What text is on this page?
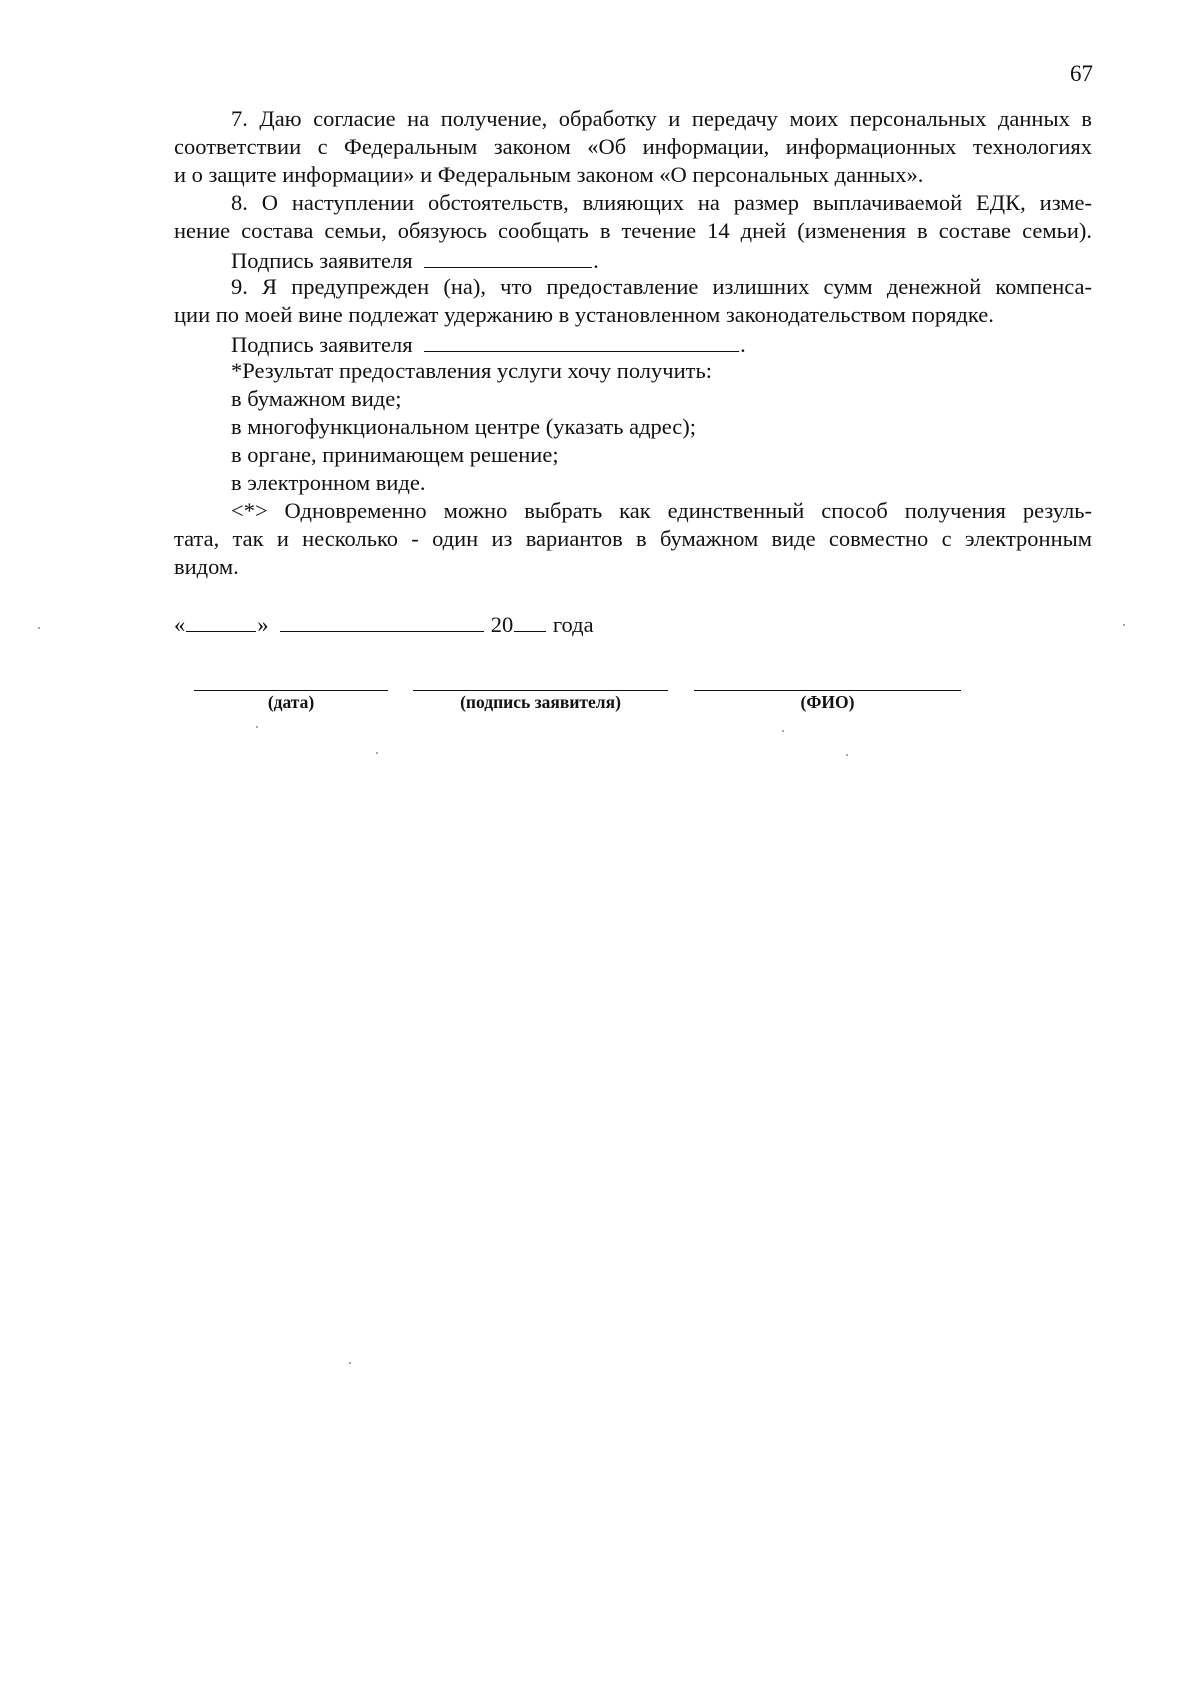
67
7. Даю согласие на получение, обработку и передачу моих персональных данных в
соответствии с Федеральным законом «Об информации, информационных технологиях
и о защите информации» и Федеральным законом «О персональных данных».
8. О наступлении обстоятельств, влияющих на размер выплачиваемой ЕДК, изме-
нение состава семьи, обязуюсь сообщать в течение 14 дней (изменения в составе семьи).
Подпись заявителя	.
9. Я предупрежден (на), что предоставление излишних сумм денежной компенса-
ции по моей вине подлежат удержанию в установленном законодательством порядке.
Подпись заявителя	.
*Результат предоставления услуги хочу получить:
в бумажном виде;
в многофункциональном центре (указать адрес);
в органе, принимающем решение;
в электронном виде.
<*> Одновременно можно выбрать как единственный способ получения резуль-
тата, так и несколько - один из вариантов в бумажном виде совместно с электронным
видом.
«	»	20 года
(дата)	(подпись заявителя)	(ФИО)
